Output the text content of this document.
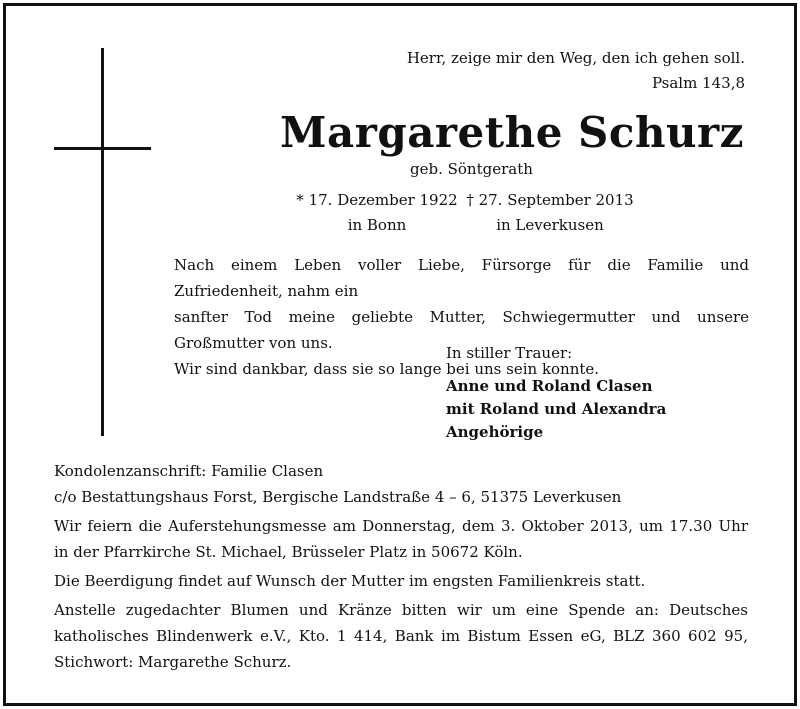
Herr, zeige mir den Weg, den ich gehen soll.
Psalm 143,8
Margarethe Schurz
geb. Söntgerath
* 17. Dezember 1922
in Bonn
† 27. September 2013
in Leverkusen
Nach einem Leben voller Liebe, Fürsorge für die Familie und Zufriedenheit, nahm ein
sanfter Tod meine geliebte Mutter, Schwiegermutter und unsere Großmutter von uns.
Wir sind dankbar, dass sie so lange bei uns sein konnte.
In stiller Trauer:
Anne und Roland Clasen
mit Roland und Alexandra
Angehörige

Kondolenzanschrift: Familie Clasen

c/o Bestattungshaus Forst, Bergische Landstraße 4 – 6, 51375 Leverkusen

Wir feiern die Auferstehungsmesse am Donnerstag, dem 3. Oktober 2013, um 17.30 Uhr in der Pfarrkirche St. Michael, Brüsseler Platz in 50672 Köln.

Die Beerdigung findet auf Wunsch der Mutter im engsten Familienkreis statt.

Anstelle zugedachter Blumen und Kränze bitten wir um eine Spende an: Deutsches katholisches Blindenwerk e.V., Kto. 1 414, Bank im Bistum Essen eG, BLZ 360 602 95, Stichwort: Margarethe Schurz.
